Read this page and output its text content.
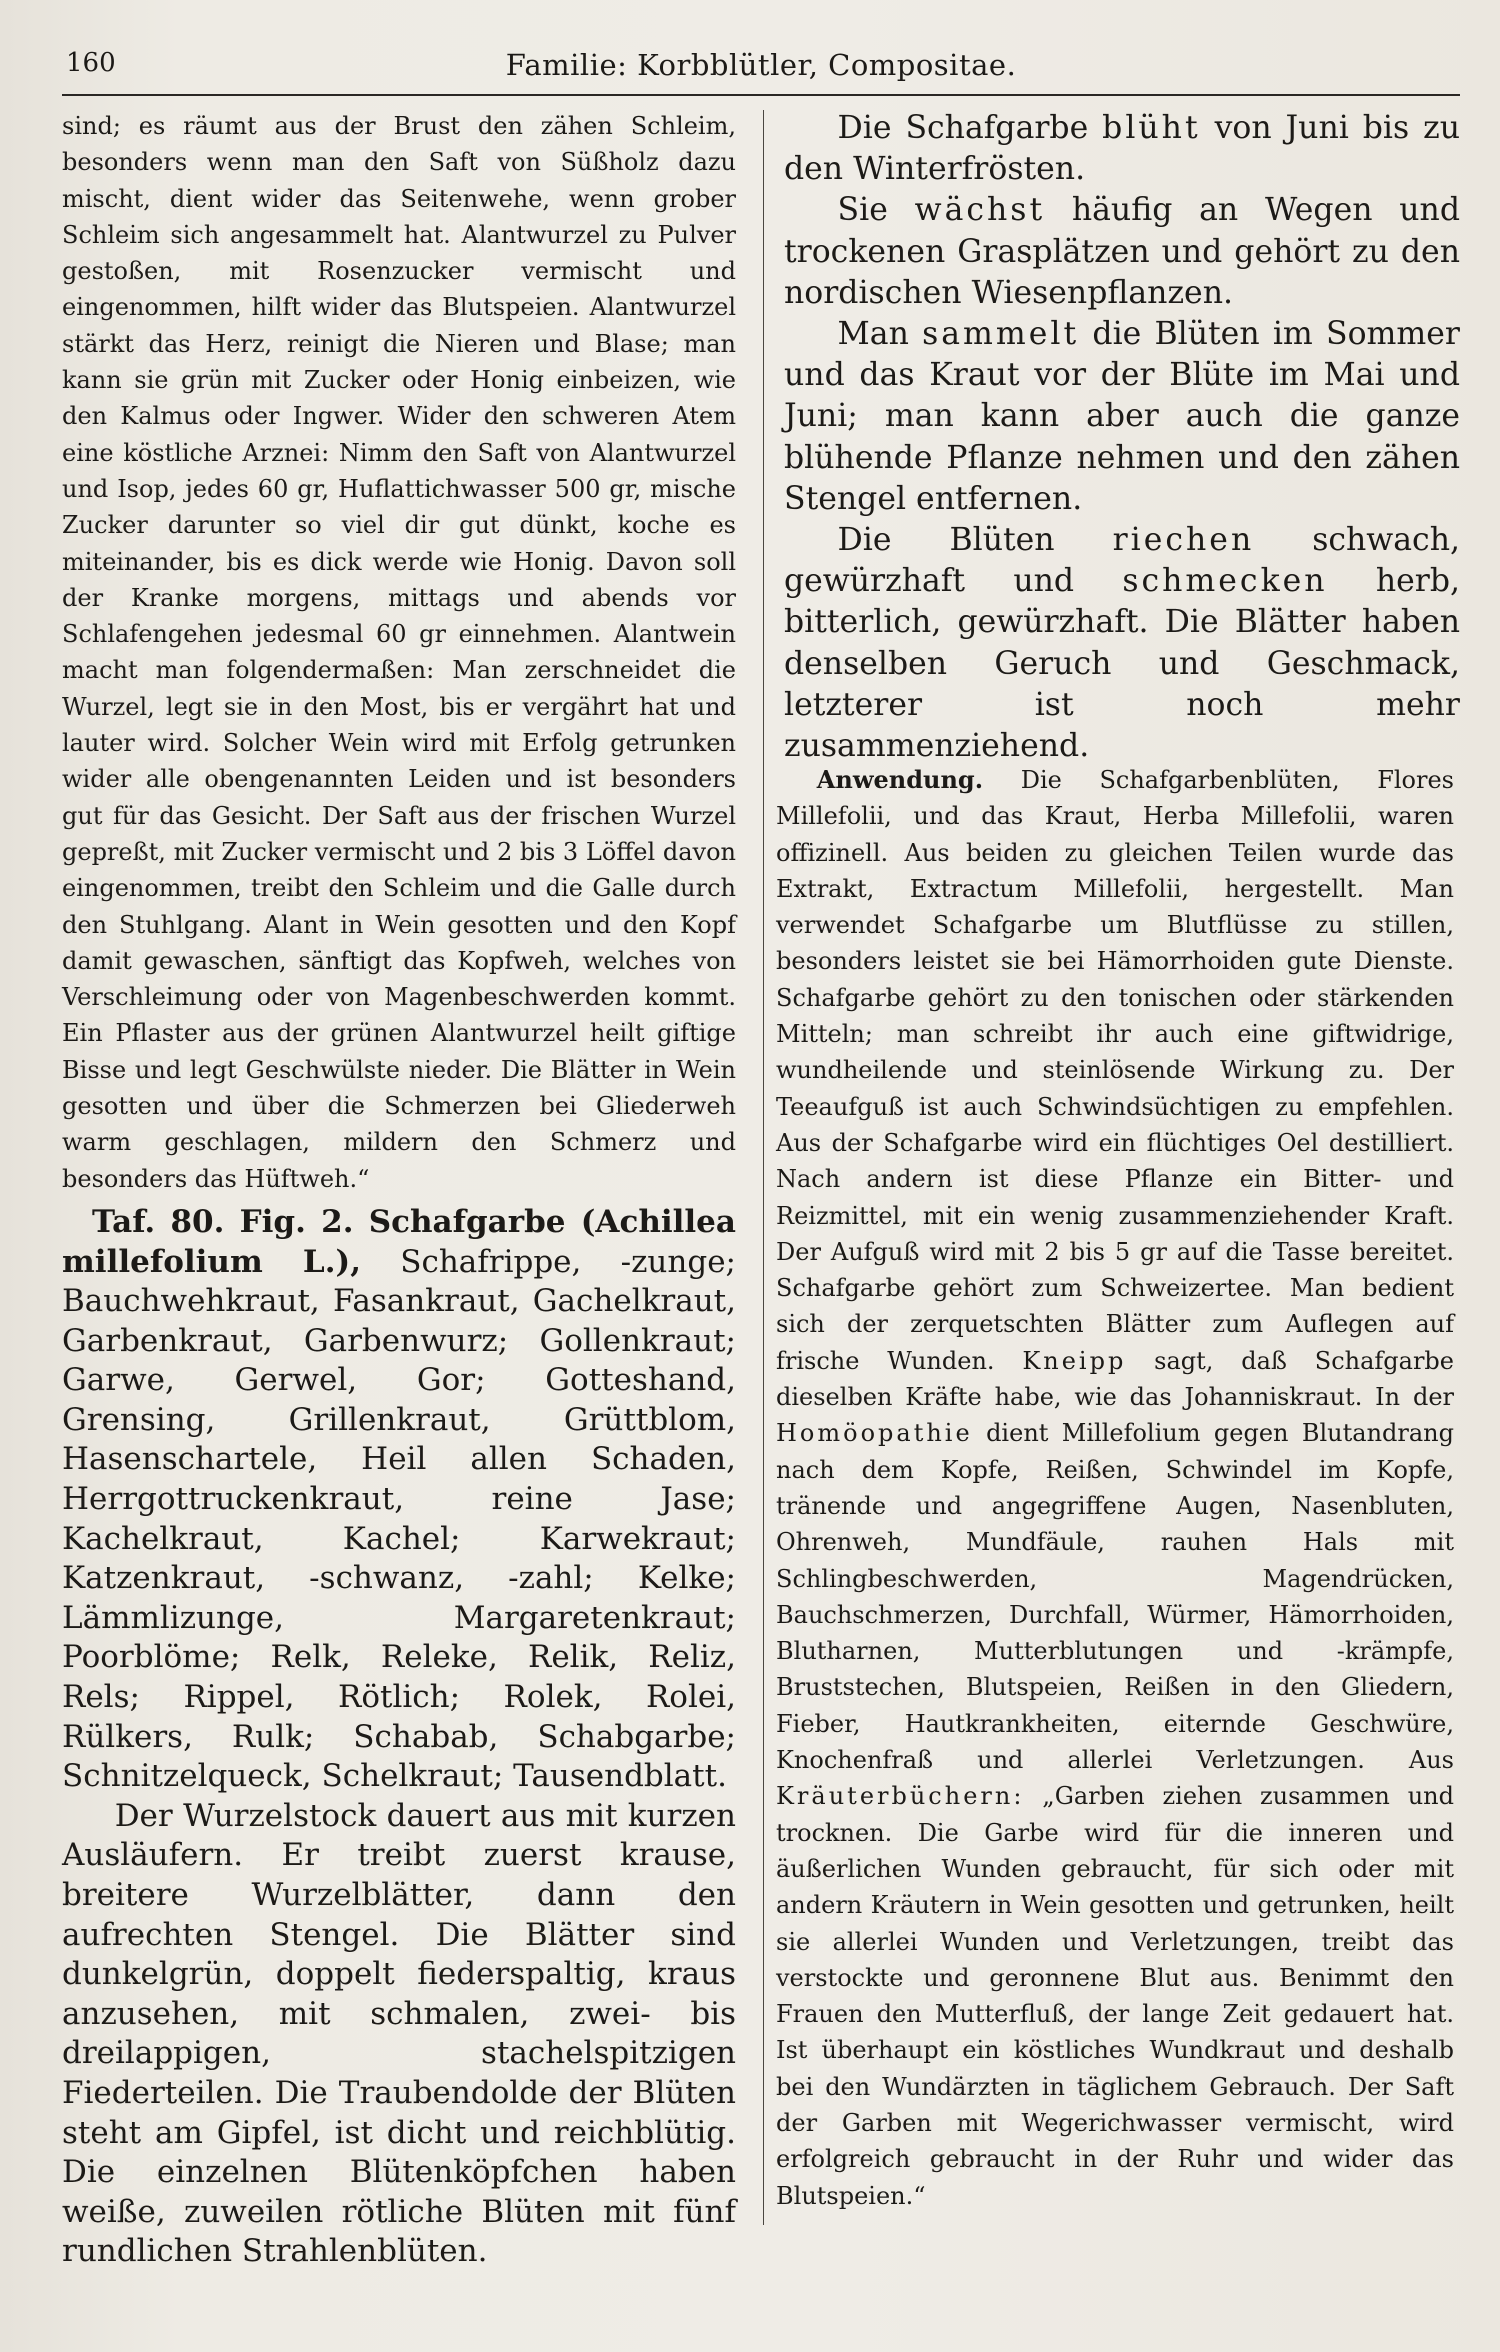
160	Familie: Korbblütler, Compositae.

sind; es räumt aus der Brust den zähen Schleim, besonders wenn man den Saft von Süßholz dazu mischt, dient wider das Seitenwehe, wenn grober Schleim sich angesammelt hat. Alantwurzel zu Pulver gestoßen, mit Rosenzucker vermischt und eingenommen, hilft wider das Blutspeien. Alantwurzel stärkt das Herz, reinigt die Nieren und Blase; man kann sie grün mit Zucker oder Honig einbeizen, wie den Kalmus oder Ingwer. Wider den schweren Atem eine köstliche Arznei: Nimm den Saft von Alantwurzel und Isop, jedes 60 gr, Huflattichwasser 500 gr, mische Zucker darunter so viel dir gut dünkt, koche es miteinander, bis es dick werde wie Honig. Davon soll der Kranke morgens, mittags und abends vor Schlafengehen jedesmal 60 gr einnehmen. Alantwein macht man folgendermaßen: Man zerschneidet die Wurzel, legt sie in den Most, bis er vergährt hat und lauter wird. Solcher Wein wird mit Erfolg getrunken wider alle obengenannten Leiden und ist besonders gut für das Gesicht. Der Saft aus der frischen Wurzel gepreßt, mit Zucker vermischt und 2 bis 3 Löffel davon eingenommen, treibt den Schleim und die Galle durch den Stuhlgang. Alant in Wein gesotten und den Kopf damit gewaschen, sänftigt das Kopfweh, welches von Verschleimung oder von Magenbeschwerden kommt. Ein Pflaster aus der grünen Alantwurzel heilt giftige Bisse und legt Geschwülste nieder. Die Blätter in Wein gesotten und über die Schmerzen bei Gliederweh warm geschlagen, mildern den Schmerz und besonders das Hüftweh.“

Taf. 80. Fig. 2. Schafgarbe (Achillea millefolium L.), Schafrippe, -zunge; Bauchwehkraut, Fasankraut, Gachelkraut, Garbenkraut, Garbenwurz; Gollenkraut; Garwe, Gerwel, Gor; Gotteshand, Grensing, Grillenkraut, Grüttblom, Hasenschartele, Heil allen Schaden, Herrgottruckenkraut, reine Jase; Kachelkraut, Kachel; Karwekraut; Katzenkraut, -schwanz, -zahl; Kelke; Lämmlizunge, Margaretenkraut; Poorblöme; Relk, Releke, Relik, Reliz, Rels; Rippel, Rötlich; Rolek, Rolei, Rülkers, Rulk; Schabab, Schabgarbe; Schnitzelqueck, Schelkraut; Tausendblatt.

Der Wurzelstock dauert aus mit kurzen Ausläufern. Er treibt zuerst krause, breitere Wurzelblätter, dann den aufrechten Stengel. Die Blätter sind dunkelgrün, doppelt fiederspaltig, kraus anzusehen, mit schmalen, zwei- bis dreilappigen, stachelspitzigen Fiederteilen. Die Traubendolde der Blüten steht am Gipfel, ist dicht und reichblütig. Die einzelnen Blütenköpfchen haben weiße, zuweilen rötliche Blüten mit fünf rundlichen Strahlenblüten.

Die Schafgarbe blüht von Juni bis zu den Winterfrösten.

Sie wächst häufig an Wegen und trockenen Grasplätzen und gehört zu den nordischen Wiesenpflanzen.

Man sammelt die Blüten im Sommer und das Kraut vor der Blüte im Mai und Juni; man kann aber auch die ganze blühende Pflanze nehmen und den zähen Stengel entfernen.

Die Blüten riechen schwach, gewürzhaft und schmecken herb, bitterlich, gewürzhaft. Die Blätter haben denselben Geruch und Geschmack, letzterer ist noch mehr zusammenziehend.

Anwendung. Die Schafgarbenblüten, Flores Millefolii, und das Kraut, Herba Millefolii, waren offizinell. Aus beiden zu gleichen Teilen wurde das Extrakt, Extractum Millefolii, hergestellt. Man verwendet Schafgarbe um Blutflüsse zu stillen, besonders leistet sie bei Hämorrhoiden gute Dienste. Schafgarbe gehört zu den tonischen oder stärkenden Mitteln; man schreibt ihr auch eine giftwidrige, wundheilende und steinlösende Wirkung zu. Der Teeaufguß ist auch Schwindsüchtigen zu empfehlen. Aus der Schafgarbe wird ein flüchtiges Oel destilliert. Nach andern ist diese Pflanze ein Bitter- und Reizmittel, mit ein wenig zusammenziehender Kraft. Der Aufguß wird mit 2 bis 5 gr auf die Tasse bereitet. Schafgarbe gehört zum Schweizertee. Man bedient sich der zerquetschten Blätter zum Auflegen auf frische Wunden. Kneipp sagt, daß Schafgarbe dieselben Kräfte habe, wie das Johanniskraut. In der Homöopathie dient Millefolium gegen Blutandrang nach dem Kopfe, Reißen, Schwindel im Kopfe, tränende und angegriffene Augen, Nasenbluten, Ohrenweh, Mundfäule, rauhen Hals mit Schlingbeschwerden, Magendrücken, Bauchschmerzen, Durchfall, Würmer, Hämorrhoiden, Blutharnen, Mutterblutungen und -krämpfe, Bruststechen, Blutspeien, Reißen in den Gliedern, Fieber, Hautkrankheiten, eiternde Geschwüre, Knochenfraß und allerlei Verletzungen. Aus Kräuterbüchern: „Garben ziehen zusammen und trocknen. Die Garbe wird für die inneren und äußerlichen Wunden gebraucht, für sich oder mit andern Kräutern in Wein gesotten und getrunken, heilt sie allerlei Wunden und Verletzungen, treibt das verstockte und geronnene Blut aus. Benimmt den Frauen den Mutterfluß, der lange Zeit gedauert hat. Ist überhaupt ein köstliches Wundkraut und deshalb bei den Wundärzten in täglichem Gebrauch. Der Saft der Garben mit Wegerichwasser vermischt, wird erfolgreich gebraucht in der Ruhr und wider das Blutspeien.“
